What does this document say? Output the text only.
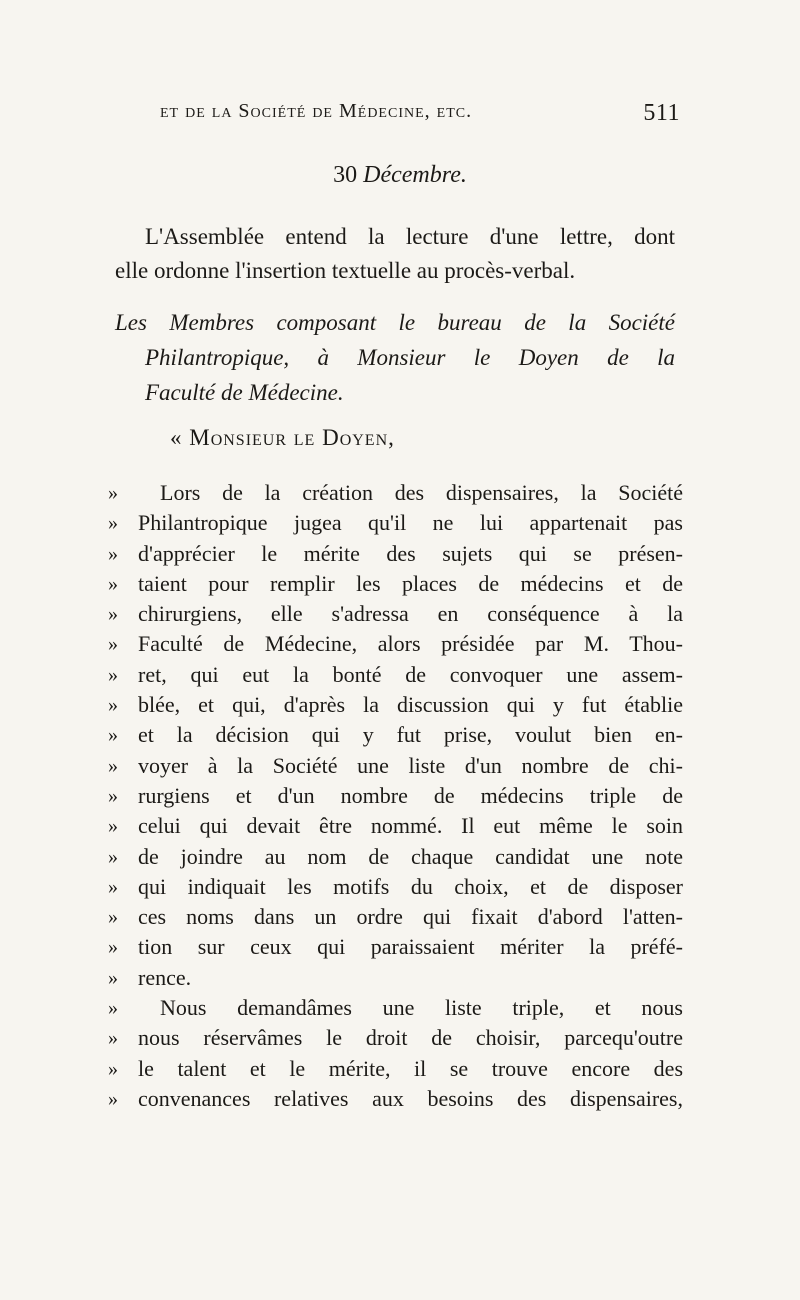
et de la Société de Médecine, etc.	511
30 Décembre.
L'Assemblée entend la lecture d'une lettre, dont
elle ordonne l'insertion textuelle au procès-verbal.
Les Membres composant le bureau de la Société
Philantropique, à Monsieur le Doyen de la
Faculté de Médecine.
« Monsieur le Doyen,
»	Lors de la création des dispensaires, la Société
» Philantropique jugea qu'il ne lui appartenait pas
» d'apprécier le mérite des sujets qui se présen-
» taient pour remplir les places de médecins et de
» chirurgiens, elle s'adressa en conséquence à la
» Faculté de Médecine, alors présidée par M. Thou-
» ret, qui eut la bonté de convoquer une assem-
» blée, et qui, d'après la discussion qui y fut établie
» et la décision qui y fut prise, voulut bien en-
» voyer à la Société une liste d'un nombre de chi-
» rurgiens et d'un nombre de médecins triple de
» celui qui devait être nommé. Il eut même le soin
» de joindre au nom de chaque candidat une note
» qui indiquait les motifs du choix, et de disposer
» ces noms dans un ordre qui fixait d'abord l'atten-
» tion sur ceux qui paraissaient mériter la préfé-
» rence.
»	Nous demandâmes une liste triple, et nous
» nous réservâmes le droit de choisir, parcequ'outre
» le talent et le mérite, il se trouve encore des
» convenances relatives aux besoins des dispensaires,
